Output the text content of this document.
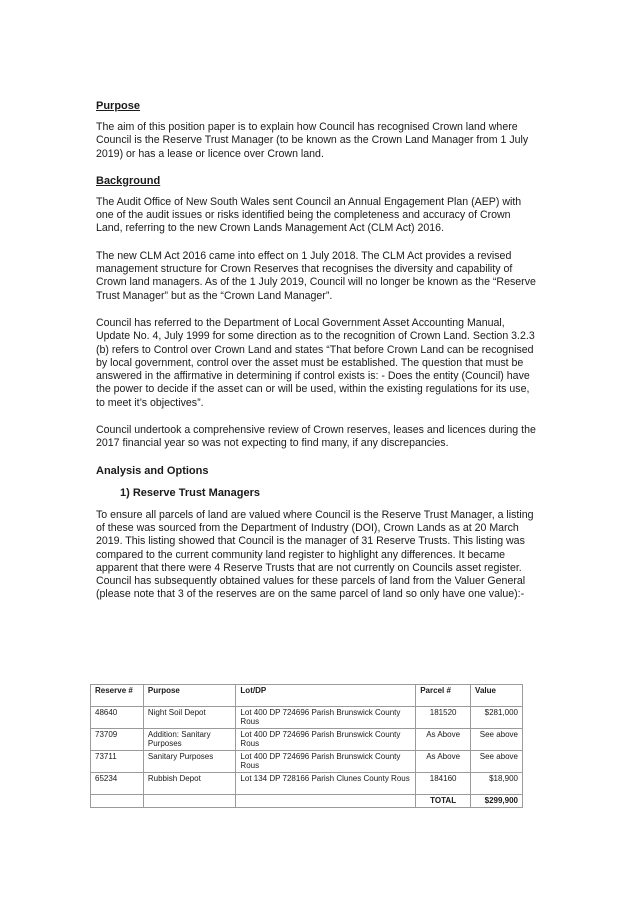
Purpose

The aim of this position paper is to explain how Council has recognised Crown land where Council is the Reserve Trust Manager (to be known as the Crown Land Manager from 1 July 2019) or has a lease or licence over Crown land.

Background

The Audit Office of New South Wales sent Council an Annual Engagement Plan (AEP) with one of the audit issues or risks identified being the completeness and accuracy of Crown Land, referring to the new Crown Lands Management Act (CLM Act) 2016.

The new CLM Act 2016 came into effect on 1 July 2018. The CLM Act provides a revised management structure for Crown Reserves that recognises the diversity and capability of Crown land managers. As of the 1 July 2019, Council will no longer be known as the “Reserve Trust Manager” but as the “Crown Land Manager”.

Council has referred to the Department of Local Government Asset Accounting Manual, Update No. 4, July 1999 for some direction as to the recognition of Crown Land. Section 3.2.3 (b) refers to Control over Crown Land and states “That before Crown Land can be recognised by local government, control over the asset must be established. The question that must be answered in the affirmative in determining if control exists is: - Does the entity (Council) have the power to decide if the asset can or will be used, within the existing regulations for its use, to meet it’s objectives”.

Council undertook a comprehensive review of Crown reserves, leases and licences during the 2017 financial year so was not expecting to find many, if any discrepancies.

Analysis and Options
1) Reserve Trust Managers

To ensure all parcels of land are valued where Council is the Reserve Trust Manager, a listing of these was sourced from the Department of Industry (DOI), Crown Lands as at 20 March 2019. This listing showed that Council is the manager of 31 Reserve Trusts. This listing was compared to the current community land register to highlight any differences. It became apparent that there were 4 Reserve Trusts that are not currently on Councils asset register. Council has subsequently obtained values for these parcels of land from the Valuer General (please note that 3 of the reserves are on the same parcel of land so only have one value):-

Reserve #	Purpose	Lot/DP	Parcel #	Value
48640	Night Soil Depot	Lot 400 DP 724696 Parish Brunswick County Rous	181520	$281,000
73709	Addition: Sanitary Purposes	Lot 400 DP 724696 Parish Brunswick County Rous	As Above	See above
73711	Sanitary Purposes	Lot 400 DP 724696 Parish Brunswick County Rous	As Above	See above
65234	Rubbish Depot	Lot 134 DP 728166 Parish Clunes County Rous	184160	$18,900
			TOTAL	$299,900
